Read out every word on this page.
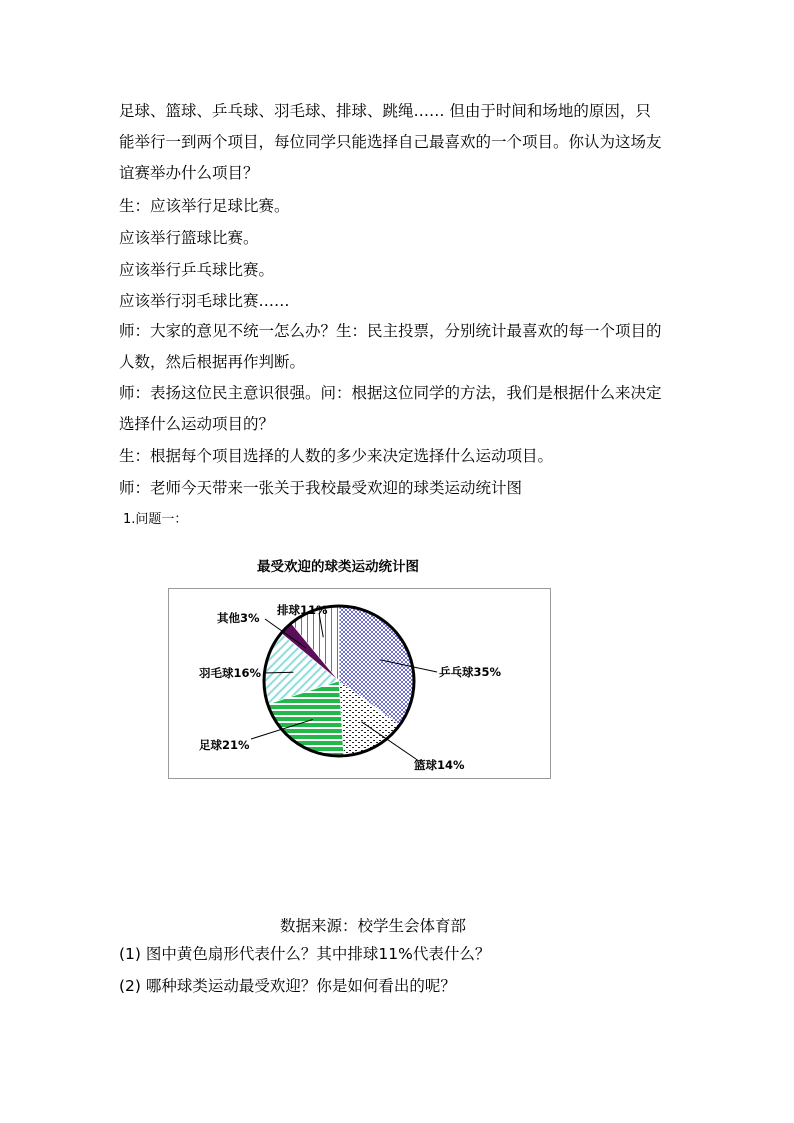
足球、篮球、乒乓球、羽毛球、排球、跳绳…… 但由于时间和场地的原因，只
能举行一到两个项目，每位同学只能选择自己最喜欢的一个项目。你认为这场友
谊赛举办什么项目？
生：应该举行足球比赛。
应该举行篮球比赛。
应该举行乒乓球比赛。
应该举行羽毛球比赛……
师：大家的意见不统一怎么办？生：民主投票，分别统计最喜欢的每一个项目的
人数，然后根据再作判断。
师：表扬这位民主意识很强。问：根据这位同学的方法，我们是根据什么来决定
选择什么运动项目的？
生：根据每个项目选择的人数的多少来决定选择什么运动项目。
师：老师今天带来一张关于我校最受欢迎的球类运动统计图
1.问题一：
最受欢迎的球类运动统计图
乒乓球35%
篮球14%
足球21%
羽毛球16%
其他3%
排球11%
数据来源：校学生会体育部
(1) 图中黄色扇形代表什么？其中排球11%代表什么？
(2) 哪种球类运动最受欢迎？你是如何看出的呢？
